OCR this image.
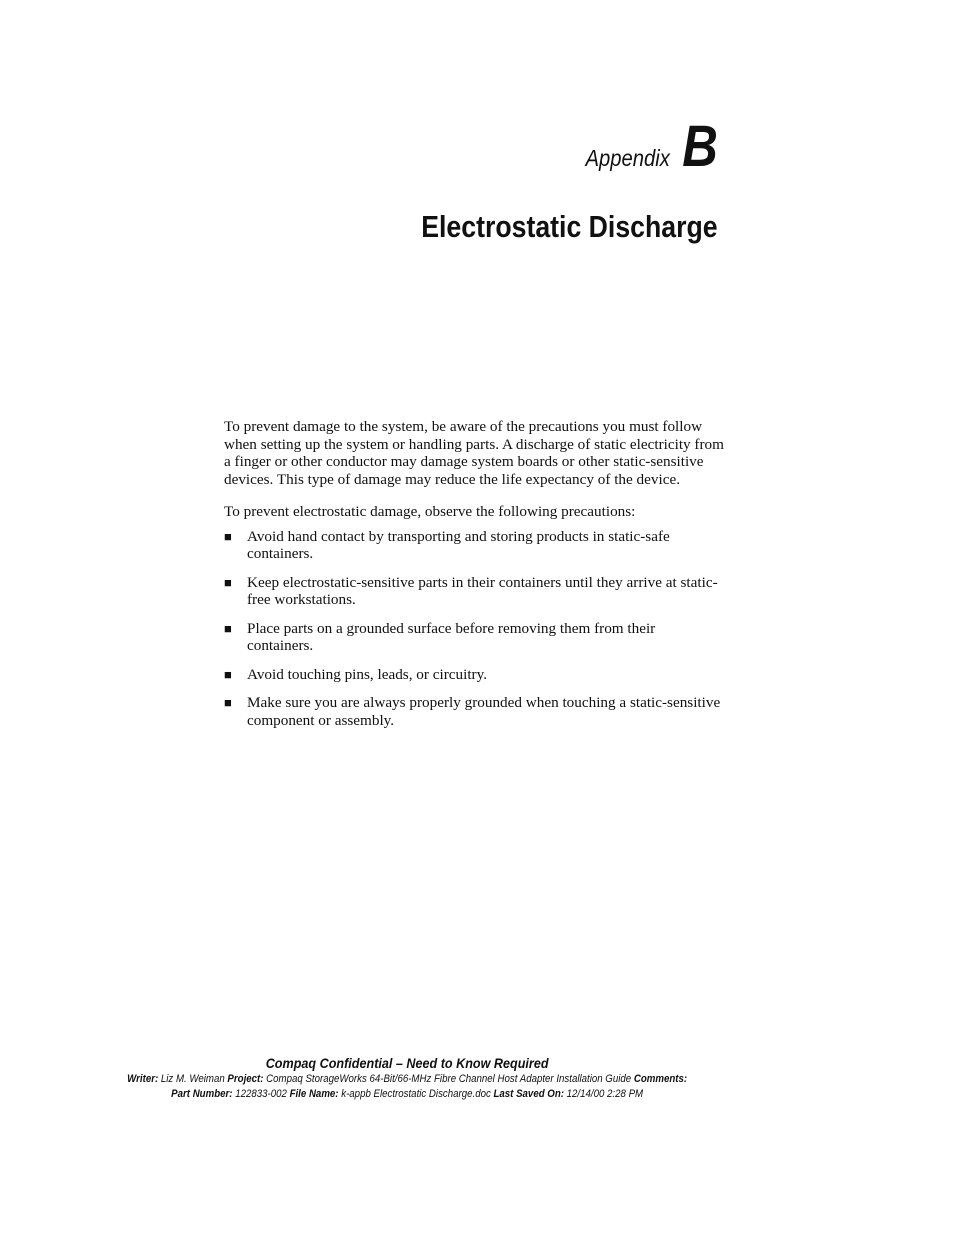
Appendix B
Electrostatic Discharge

To prevent damage to the system, be aware of the precautions you must follow when setting up the system or handling parts. A discharge of static electricity from a finger or other conductor may damage system boards or other static-sensitive devices. This type of damage may reduce the life expectancy of the device.

To prevent electrostatic damage, observe the following precautions:

■ Avoid hand contact by transporting and storing products in static-safe containers.
■ Keep electrostatic-sensitive parts in their containers until they arrive at static-free workstations.
■ Place parts on a grounded surface before removing them from their containers.
■ Avoid touching pins, leads, or circuitry.
■ Make sure you are always properly grounded when touching a static-sensitive component or assembly.
Compaq Confidential – Need to Know Required
Writer: Liz M. Weiman Project: Compaq StorageWorks 64-Bit/66-MHz Fibre Channel Host Adapter Installation Guide Comments:
Part Number: 122833-002 File Name: k-appb Electrostatic Discharge.doc Last Saved On: 12/14/00 2:28 PM
